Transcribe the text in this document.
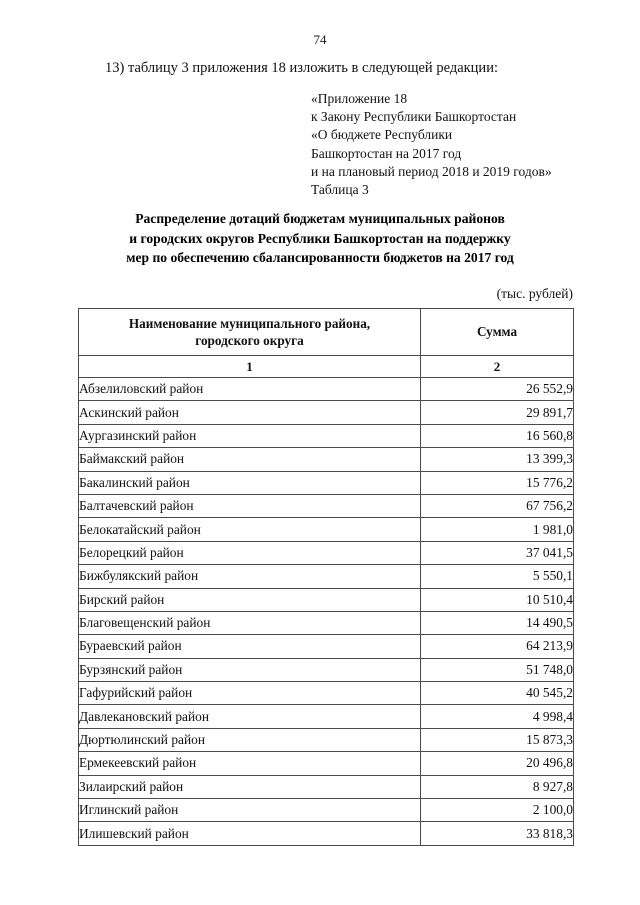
74
13) таблицу 3 приложения 18 изложить в следующей редакции:
«Приложение 18
к Закону Республики Башкортостан
«О бюджете Республики
Башкортостан на 2017 год
и на плановый период 2018 и 2019 годов»
Таблица 3
Распределение дотаций бюджетам муниципальных районов
и городских округов Республики Башкортостан на поддержку
мер по обеспечению сбалансированности бюджетов на 2017 год
(тыс. рублей)
Наименование муниципального района,
городского округа	Сумма
1	2
Абзелиловский район	26 552,9
Аскинский район	29 891,7
Аургазинский район	16 560,8
Баймакский район	13 399,3
Бакалинский район	15 776,2
Балтачевский район	67 756,2
Белокатайский район	1 981,0
Белорецкий район	37 041,5
Бижбулякский район	5 550,1
Бирский район	10 510,4
Благовещенский район	14 490,5
Бураевский район	64 213,9
Бурзянский район	51 748,0
Гафурийский район	40 545,2
Давлекановский район	4 998,4
Дюртюлинский район	15 873,3
Ермекеевский район	20 496,8
Зилаирский район	8 927,8
Иглинский район	2 100,0
Илишевский район	33 818,3
